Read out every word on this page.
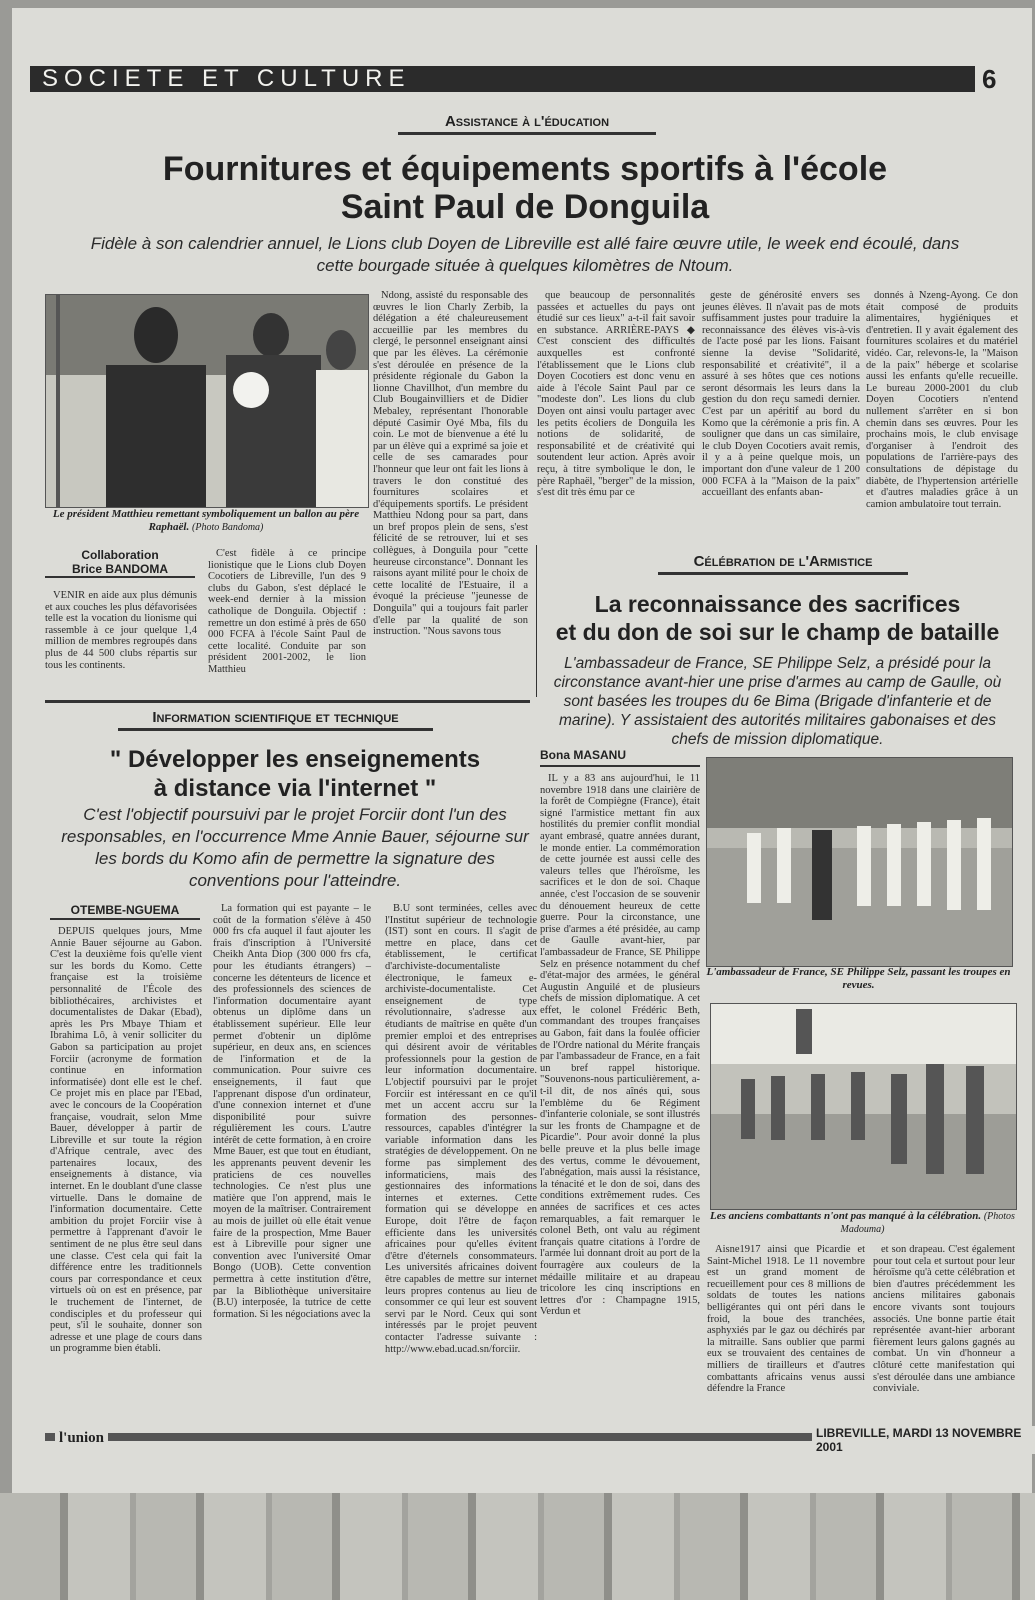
SOCIETE ET CULTURE	6
Assistance à l'éducation
Fournitures et équipements sportifs à l'école
Saint Paul de Donguila
Fidèle à son calendrier annuel, le Lions club Doyen de Libreville est allé faire œuvre utile, le week end écoulé, dans cette bourgade située à quelques kilomètres de Ntoum.
Le président Matthieu remettant symboliquement un ballon au père Raphaël. (Photo Bandoma)
Collaboration
Brice BANDOMA

VENIR en aide aux plus démunis et aux couches les plus défavorisées telle est la vocation du lionisme qui rassemble à ce jour quelque 1,4 million de membres regroupés dans plus de 44 500 clubs répartis sur tous les continents.

C'est fidèle à ce principe lionistique que le Lions club Doyen Cocotiers de Libreville, l'un des 9 clubs du Gabon, s'est déplacé le week-end dernier à la mission catholique de Donguila. Objectif : remettre un don estimé à près de 650 000 FCFA à l'école Saint Paul de cette localité. Conduite par son président 2001-2002, le lion Matthieu

Ndong, assisté du responsable des œuvres le lion Charly Zerbib, la délégation a été chaleureusement accueillie par les membres du clergé, le personnel enseignant ainsi que par les élèves. La cérémonie s'est déroulée en présence de la présidente régionale du Gabon la lionne Chavillhot, d'un membre du Club Bougainvilliers et de Didier Mebaley, représentant l'honorable député Casimir Oyé Mba, fils du coin. Le mot de bienvenue a été lu par un élève qui a exprimé sa joie et celle de ses camarades pour l'honneur que leur ont fait les lions à travers le don constitué des fournitures scolaires et d'équipements sportifs. Le président Matthieu Ndong pour sa part, dans un bref propos plein de sens, s'est félicité de se retrouver, lui et ses collègues, à Donguila pour "cette heureuse circonstance". Donnant les raisons ayant milité pour le choix de cette localité de l'Estuaire, il a évoqué la précieuse "jeunesse de Donguila" qui a toujours fait parler d'elle par la qualité de son instruction. "Nous savons tous

que beaucoup de personnalités passées et actuelles du pays ont étudié sur ces lieux" a-t-il fait savoir en substance. ARRIÈRE-PAYS ◆ C'est conscient des difficultés auxquelles est confronté l'établissement que le Lions club Doyen Cocotiers est donc venu en aide à l'école Saint Paul par ce "modeste don". Les lions du club Doyen ont ainsi voulu partager avec les petits écoliers de Donguila les notions de solidarité, de responsabilité et de créativité qui soutendent leur action. Après avoir reçu, à titre symbolique le don, le père Raphaël, "berger" de la mission, s'est dit très ému par ce

geste de générosité envers ses jeunes élèves. Il n'avait pas de mots suffisamment justes pour traduire la reconnaissance des élèves vis-à-vis de l'acte posé par les lions. Faisant sienne la devise "Solidarité, responsabilité et créativité", il a assuré à ses hôtes que ces notions seront désormais les leurs dans la gestion du don reçu samedi dernier. C'est par un apéritif au bord du Komo que la cérémonie a pris fin. A souligner que dans un cas similaire, le club Doyen Cocotiers avait remis, il y a à peine quelque mois, un important don d'une valeur de 1 200 000 FCFA à la "Maison de la paix" accueillant des enfants aban-

donnés à Nzeng-Ayong. Ce don était composé de produits alimentaires, hygiéniques et d'entretien. Il y avait également des fournitures scolaires et du matériel vidéo. Car, relevons-le, la "Maison de la paix" héberge et scolarise aussi les enfants qu'elle recueille. Le bureau 2000-2001 du club Doyen Cocotiers n'entend nullement s'arrêter en si bon chemin dans ses œuvres. Pour les prochains mois, le club envisage d'organiser à l'endroit des populations de l'arrière-pays des consultations de dépistage du diabète, de l'hypertension artérielle et d'autres maladies grâce à un camion ambulatoire tout terrain.

Information scientifique et technique
" Développer les enseignements
à distance via l'internet "
C'est l'objectif poursuivi par le projet Forciir dont l'un des responsables, en l'occurrence Mme Annie Bauer, séjourne sur les bords du Komo afin de permettre la signature des conventions pour l'atteindre.
OTEMBE-NGUEMA

DEPUIS quelques jours, Mme Annie Bauer séjourne au Gabon. C'est la deuxième fois qu'elle vient sur les bords du Komo. Cette française est la troisième personnalité de l'École des bibliothécaires, archivistes et documentalistes de Dakar (Ebad), après les Prs Mbaye Thiam et Ibrahima Lô, à venir solliciter du Gabon sa participation au projet Forciir (acronyme de formation continue en information informatisée) dont elle est le chef. Ce projet mis en place par l'Ebad, avec le concours de la Coopération française, voudrait, selon Mme Bauer, développer à partir de Libreville et sur toute la région d'Afrique centrale, avec des partenaires locaux, des enseignements à distance, via internet. En le doublant d'une classe virtuelle. Dans le domaine de l'information documentaire. Cette ambition du projet Forciir vise à permettre à l'apprenant d'avoir le sentiment de ne plus être seul dans une classe. C'est cela qui fait la différence entre les traditionnels cours par correspondance et ceux virtuels où on est en présence, par le truchement de l'internet, de condisciples et du professeur qui peut, s'il le souhaite, donner son adresse et une plage de cours dans un programme bien établi.

La formation qui est payante – le coût de la formation s'élève à 450 000 frs cfa auquel il faut ajouter les frais d'inscription à l'Université Cheikh Anta Diop (300 000 frs cfa, pour les étudiants étrangers) – concerne les détenteurs de licence et des professionnels des sciences de l'information documentaire ayant obtenus un diplôme dans un établissement supérieur. Elle leur permet d'obtenir un diplôme supérieur, en deux ans, en sciences de l'information et de la communication. Pour suivre ces enseignements, il faut que l'apprenant dispose d'un ordinateur, d'une connexion internet et d'une disponibilité pour suivre régulièrement les cours. L'autre intérêt de cette formation, à en croire Mme Bauer, est que tout en étudiant, les apprenants peuvent devenir les praticiens de ces nouvelles technologies. Ce n'est plus une matière que l'on apprend, mais le moyen de la maîtriser. Contrairement au mois de juillet où elle était venue faire de la prospection, Mme Bauer est à Libreville pour signer une convention avec l'université Omar Bongo (UOB). Cette convention permettra à cette institution d'être, par la Bibliothèque universitaire (B.U) interposée, la tutrice de cette formation. Si les négociations avec la

B.U sont terminées, celles avec l'Institut supérieur de technologie (IST) sont en cours. Il s'agit de mettre en place, dans cet établissement, le certificat d'archiviste-documentaliste électronique, le fameux e-archiviste-documentaliste. Cet enseignement de type révolutionnaire, s'adresse aux étudiants de maîtrise en quête d'un premier emploi et des entreprises qui désirent avoir de véritables professionnels pour la gestion de leur information documentaire. L'objectif poursuivi par le projet Forciir est intéressant en ce qu'il met un accent accru sur la formation des personnes-ressources, capables d'intégrer la variable information dans les stratégies de développement. On ne forme pas simplement des informaticiens, mais des gestionnaires des informations internes et externes. Cette formation qui se développe en Europe, doit l'être de façon efficiente dans les universités africaines pour qu'elles évitent d'être d'éternels consommateurs. Les universités africaines doivent être capables de mettre sur internet leurs propres contenus au lieu de consommer ce qui leur est souvent servi par le Nord. Ceux qui sont intéressés par le projet peuvent contacter l'adresse suivante : http://www.ebad.ucad.sn/forciir.

Célébration de l'Armistice
La reconnaissance des sacrifices
et du don de soi sur le champ de bataille
L'ambassadeur de France, SE Philippe Selz, a présidé pour la circonstance avant-hier une prise d'armes au camp de Gaulle, où sont basées les troupes du 6e Bima (Brigade d'infanterie et de marine). Y assistaient des autorités militaires gabonaises et des chefs de mission diplomatique.
Bona MASANU

IL y a 83 ans aujourd'hui, le 11 novembre 1918 dans une clairière de la forêt de Compiègne (France), était signé l'armistice mettant fin aux hostilités du premier conflit mondial ayant embrasé, quatre années durant, le monde entier. La commémoration de cette journée est aussi celle des valeurs telles que l'héroïsme, les sacrifices et le don de soi. Chaque année, c'est l'occasion de se souvenir du dénouement heureux de cette guerre. Pour la circonstance, une prise d'armes a été présidée, au camp de Gaulle avant-hier, par l'ambassadeur de France, SE Philippe Selz en présence notamment du chef d'état-major des armées, le général Augustin Anguilé et de plusieurs chefs de mission diplomatique. A cet effet, le colonel Frédéric Beth, commandant des troupes françaises au Gabon, fait dans la foulée officier de l'Ordre national du Mérite français par l'ambassadeur de France, en a fait un bref rappel historique. "Souvenons-nous particulièrement, a-t-il dit, de nos aînés qui, sous l'emblème du 6e Régiment d'infanterie coloniale, se sont illustrés sur les fronts de Champagne et de Picardie". Pour avoir donné la plus belle preuve et la plus belle image des vertus, comme le dévouement, l'abnégation, mais aussi la résistance, la ténacité et le don de soi, dans des conditions extrêmement rudes. Ces années de sacrifices et ces actes remarquables, a fait remarquer le colonel Beth, ont valu au régiment français quatre citations à l'ordre de l'armée lui donnant droit au port de la fourragère aux couleurs de la médaille militaire et au drapeau tricolore les cinq inscriptions en lettres d'or : Champagne 1915, Verdun et

L'ambassadeur de France, SE Philippe Selz, passant les troupes en revues.
Les anciens combattants n'ont pas manqué à la célébration. (Photos Madouma)

Aisne1917 ainsi que Picardie et Saint-Michel 1918. Le 11 novembre est un grand moment de recueillement pour ces 8 millions de soldats de toutes les nations belligérantes qui ont péri dans le froid, la boue des tranchées, asphyxiés par le gaz ou déchirés par la mitraille. Sans oublier que parmi eux se trouvaient des centaines de milliers de tirailleurs et d'autres combattants africains venus aussi défendre la France

et son drapeau. C'est également pour tout cela et surtout pour leur héroïsme qu'à cette célébration et bien d'autres précédemment les anciens militaires gabonais encore vivants sont toujours associés. Une bonne partie était représentée avant-hier arborant fièrement leurs galons gagnés au combat. Un vin d'honneur a clôturé cette manifestation qui s'est déroulée dans une ambiance conviviale.

l'union	LIBREVILLE, MARDI 13 NOVEMBRE 2001
